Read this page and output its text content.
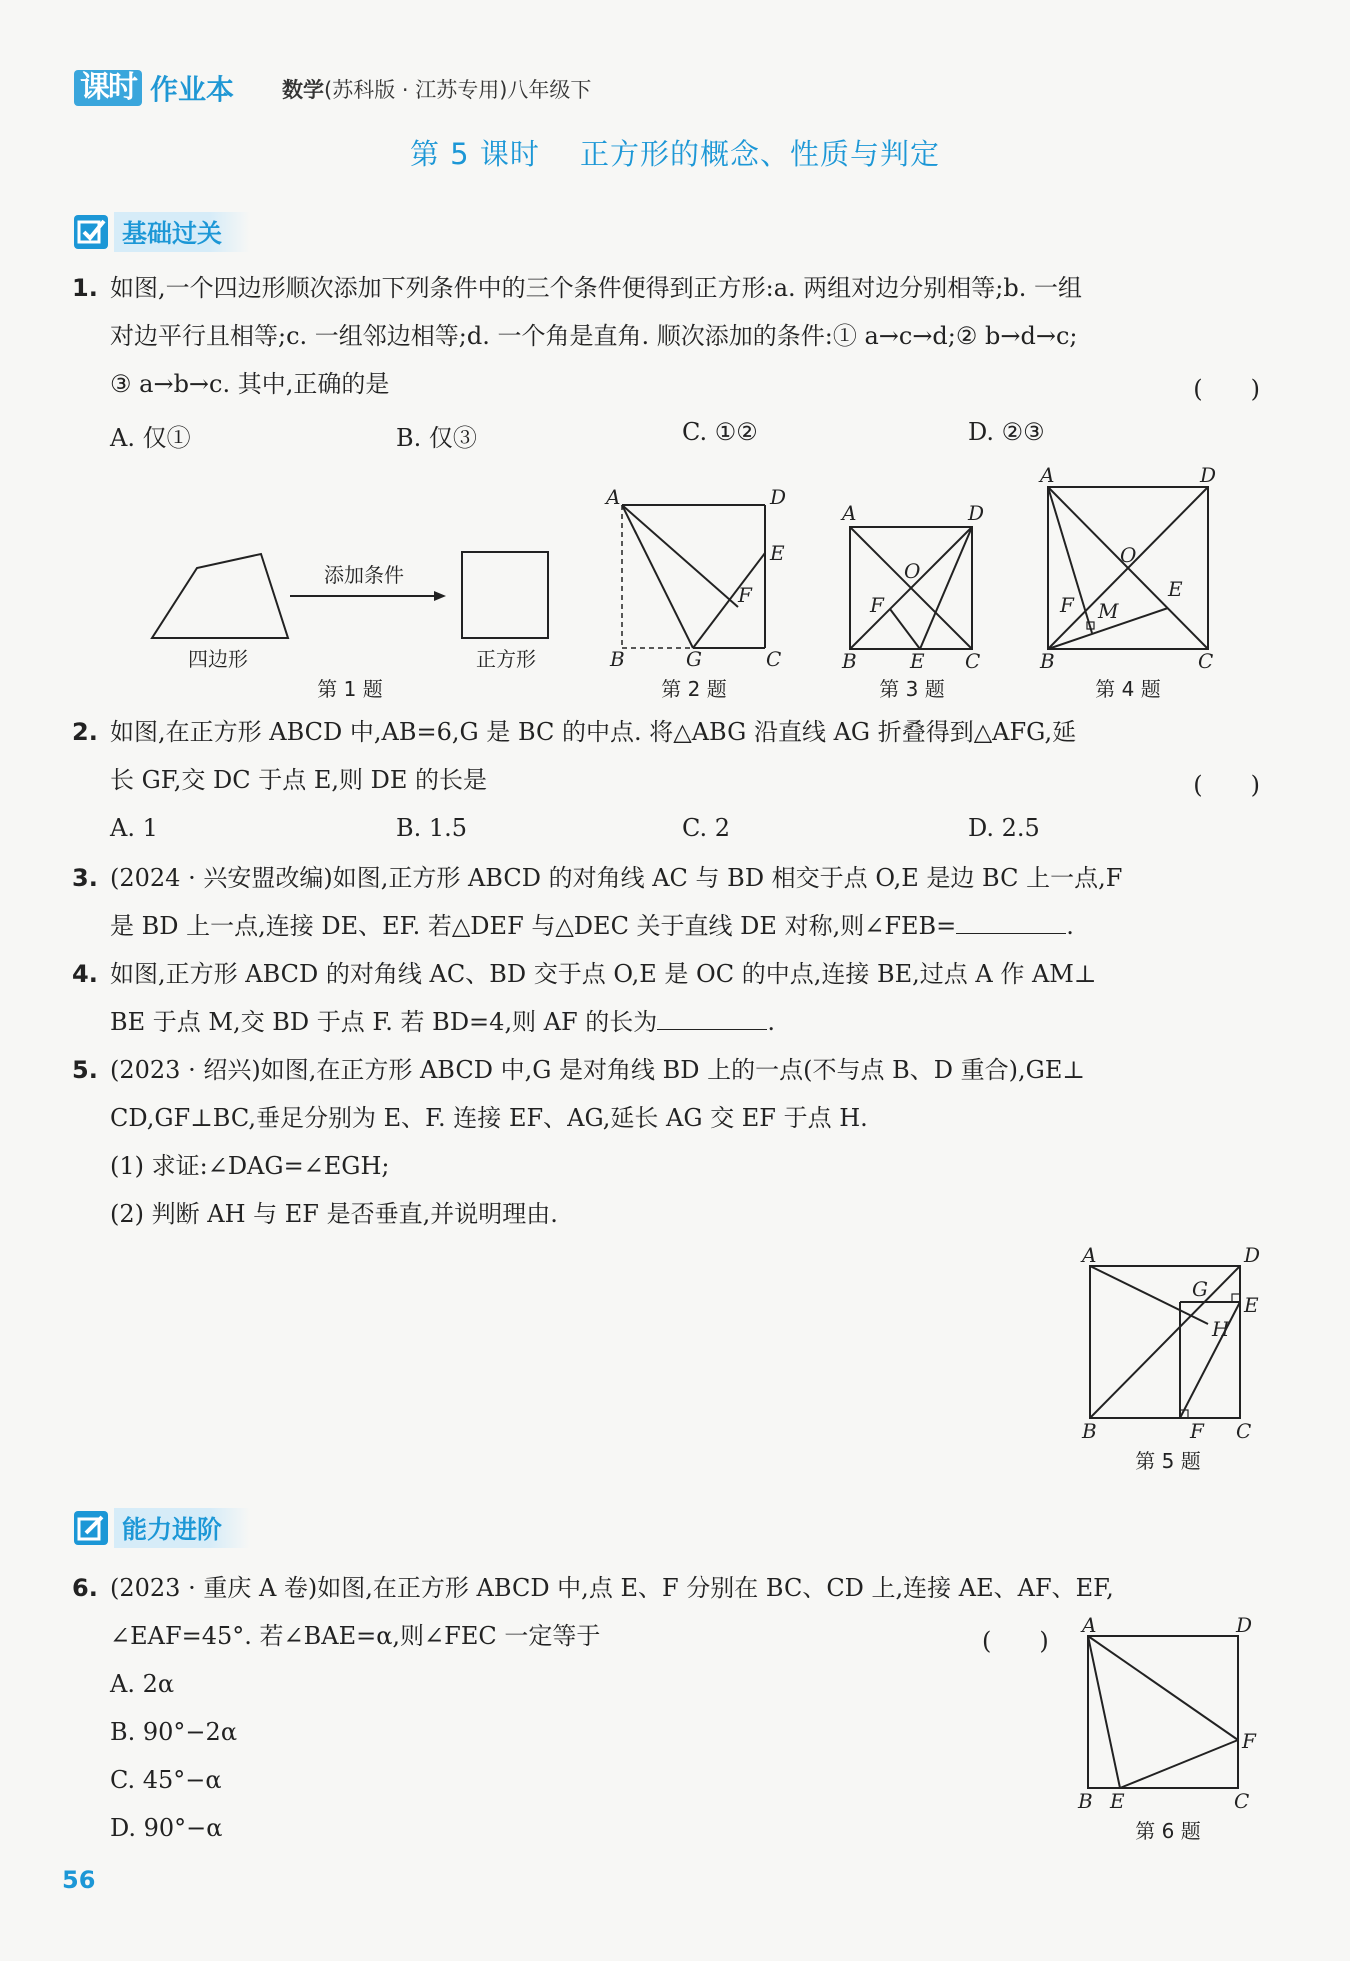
课时 作业本 数学(苏科版 · 江苏专用)八年级下
第 5 课时　 正方形的概念、性质与判定
基础过关
1. 如图,一个四边形顺次添加下列条件中的三个条件便得到正方形:a. 两组对边分别相等;b. 一组
对边平行且相等;c. 一组邻边相等;d. 一个角是直角. 顺次添加的条件:① a→c→d;② b→d→c;
③ a→b→c. 其中,正确的是	(　　)
A. 仅①	B. 仅③	C. ①②	D. ②③
添加条件
四边形	正方形
第 1 题
A	D
E
F
B	G	C
第 2 题
A	D
O
F
B	E C
第 3 题
A	D
O
E
F M
B	C
第 4 题
2. 如图,在正方形 ABCD 中,AB=6,G 是 BC 的中点. 将△ABG 沿直线 AG 折叠得到△AFG,延
长 GF,交 DC 于点 E,则 DE 的长是	(　　)
A. 1	B. 1.5	C. 2	D. 2.5
3. (2024 · 兴安盟改编)如图,正方形 ABCD 的对角线 AC 与 BD 相交于点 O,E 是边 BC 上一点,F
是 BD 上一点,连接 DE、EF. 若△DEF 与△DEC 关于直线 DE 对称,则∠FEB=	.
4. 如图,正方形 ABCD 的对角线 AC、BD 交于点 O,E 是 OC 的中点,连接 BE,过点 A 作 AM⊥
BE 于点 M,交 BD 于点 F. 若 BD=4,则 AF 的长为	.
5. (2023 · 绍兴)如图,在正方形 ABCD 中,G 是对角线 BD 上的一点(不与点 B、D 重合),GE⊥
CD,GF⊥BC,垂足分别为 E、F. 连接 EF、AG,延长 AG 交 EF 于点 H.
(1) 求证:∠DAG=∠EGH;
(2) 判断 AH 与 EF 是否垂直,并说明理由.
A	D
G
E
H
B	F C
第 5 题
能力进阶
6. (2023 · 重庆 A 卷)如图,在正方形 ABCD 中,点 E、F 分别在 BC、CD 上,连接 AE、AF、EF,
∠EAF=45°. 若∠BAE=α,则∠FEC 一定等于	(　　)
A. 2α
B. 90°−2α
C. 45°−α
D. 90°−α
A	D
F
B E	C
第 6 题
56
